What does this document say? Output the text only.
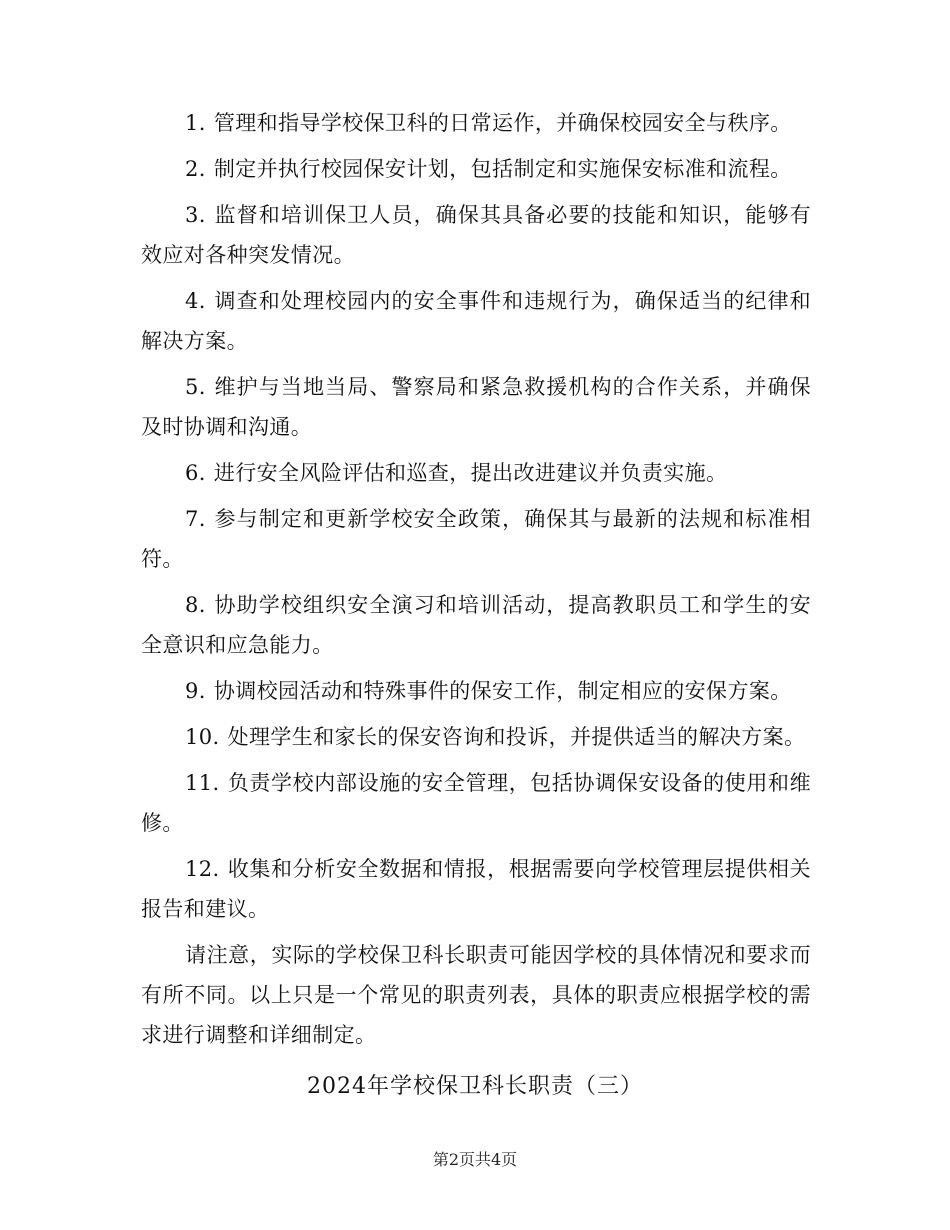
1. 管理和指导学校保卫科的日常运作，并确保校园安全与秩序。

2. 制定并执行校园保安计划，包括制定和实施保安标准和流程。

3. 监督和培训保卫人员，确保其具备必要的技能和知识，能够有效应对各种突发情况。

4. 调查和处理校园内的安全事件和违规行为，确保适当的纪律和解决方案。

5. 维护与当地当局、警察局和紧急救援机构的合作关系，并确保及时协调和沟通。

6. 进行安全风险评估和巡查，提出改进建议并负责实施。

7. 参与制定和更新学校安全政策，确保其与最新的法规和标准相符。

8. 协助学校组织安全演习和培训活动，提高教职员工和学生的安全意识和应急能力。

9. 协调校园活动和特殊事件的保安工作，制定相应的安保方案。

10. 处理学生和家长的保安咨询和投诉，并提供适当的解决方案。

11. 负责学校内部设施的安全管理，包括协调保安设备的使用和维修。

12. 收集和分析安全数据和情报，根据需要向学校管理层提供相关报告和建议。

请注意，实际的学校保卫科长职责可能因学校的具体情况和要求而有所不同。以上只是一个常见的职责列表，具体的职责应根据学校的需求进行调整和详细制定。

2024年学校保卫科长职责（三）
第2页共4页
